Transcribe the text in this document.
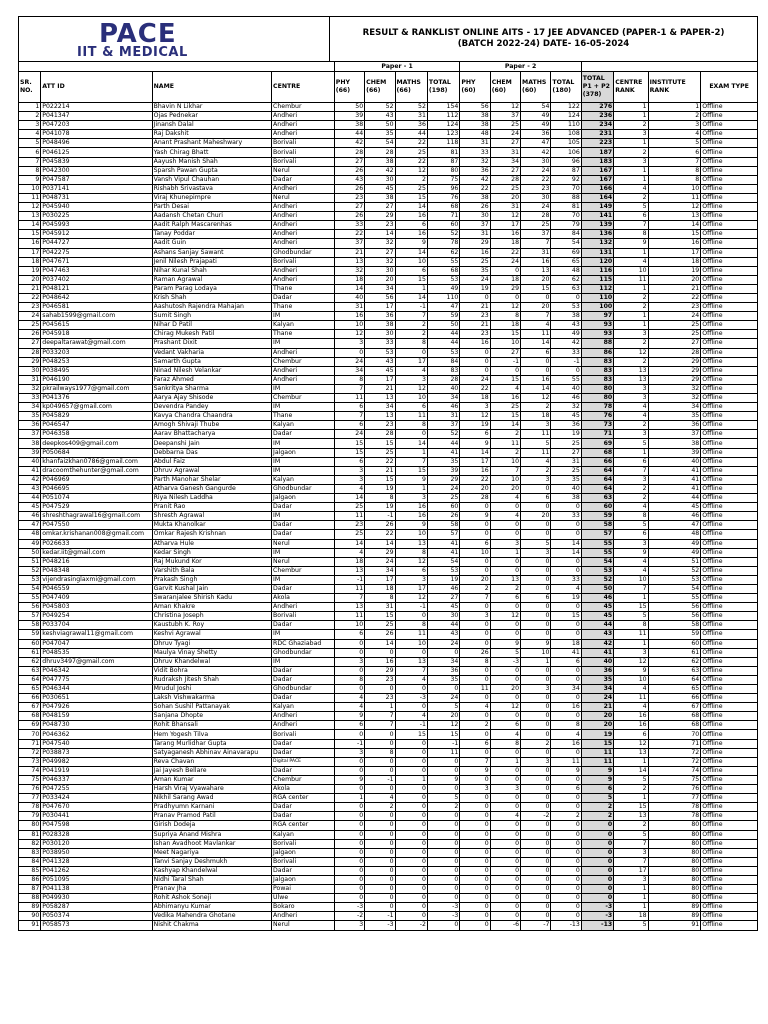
PACE
IIT & MEDICAL
RESULT & RANKLIST ONLINE AITS - 17 JEE ADVANCED (PAPER-1 & PAPER-2)
(BATCH 2022-24) DATE- 16-05-2024
				Paper - 1				Paper - 2							
SR. NO.	ATT ID	NAME	CENTRE	PHY (66)	CHEM (66)	MATHS (66)	TOTAL (198)	PHY (60)	CHEM (60)	MATHS (60)	TOTAL (180)	TOTAL P1 + P2 (378)	CENTRE RANK	INSTITUTE RANK	EXAM TYPE
1	P022214	Bhavin N Likhar	Chembur	50	52	52	154	56	12	54	122	276	1	1	Offline
2	P041347	Ojas Pednekar	Andheri	39	43	31	112	38	37	49	124	236	1	2	Offline
3	P047203	Jinansh Dalal	Andheri	38	50	36	124	38	25	49	110	234	2	3	Offline
4	P041078	Raj Dakshit	Andheri	44	35	44	123	48	24	36	108	231	3	4	Offline
5	P048496	Anant Prashant Maheshwary	Borivali	42	54	22	118	31	27	47	105	223	1	5	Offline
6	P046125	Yash Chirag Bhatt	Borivali	28	28	25	81	33	31	42	106	187	2	6	Offline
7	P045839	Aayush Manish Shah	Borivali	27	38	22	87	32	34	30	96	183	3	7	Offline
8	P042300	Sparsh Pawan Gupta	Nerul	26	42	12	80	36	27	24	87	167	1	8	Offline
9	P047587	Vansh Vipul Chauhan	Dadar	43	30	2	75	42	28	22	92	167	1	8	Offline
10	P037141	Rishabh Srivastava	Andheri	26	45	25	96	22	25	23	70	166	4	10	Offline
11	P048731	Viraj Khunepimpre	Nerul	23	38	15	76	38	20	30	88	164	2	11	Offline
12	P045940	Parth Desai	Andheri	27	27	14	68	26	31	24	81	149	5	12	Offline
13	P030225	Aadansh Chetan Churi	Andheri	26	29	16	71	30	12	28	70	141	6	13	Offline
14	P045993	Aadit Ralph Mascarenhas	Andheri	33	23	6	60	37	17	25	79	139	7	14	Offline
15	P045912	Tanay Poddar	Andheri	22	14	16	52	31	16	37	84	136	8	15	Offline
16	P044727	Aadit Guin	Andheri	37	32	9	78	29	18	7	54	132	9	16	Offline
17	P042275	Ashans Sanjay Sawant	Ghodbundar	21	27	14	62	16	22	31	69	131	1	17	Offline
18	P047671	Jenil Nilesh Prajapati	Borivali	13	32	10	55	25	24	16	65	120	4	18	Offline
19	P047463	Nihar Kunal Shah	Andheri	32	30	6	68	35	0	13	48	116	10	19	Offline
20	P037402	Raman Agrawal	Andheri	18	20	15	53	24	18	20	62	115	11	20	Offline
21	P048121	Param Parag Lodaya	Thane	14	34	1	49	19	29	15	63	112	1	21	Offline
22	P048642	Krish Shah	Dadar	40	56	14	110	0	0	0	0	110	2	22	Offline
23	P046581	Aashutosh Rajendra Mahajan	Thane	31	17	-1	47	21	12	20	53	100	2	23	Offline
24	sahab1599@gmail.com	Sumit Singh	IM	16	36	7	59	23	8	7	38	97	1	24	Offline
25	P045615	Nihar D Patil	Kalyan	10	38	2	50	21	18	4	43	93	1	25	Offline
26	P045918	Chirag Mukesh Patil	Thane	12	30	2	44	23	15	11	49	93	3	25	Offline
27	deepaltarawat@gmail.com	Prashant Dixit	IM	3	33	8	44	16	10	14	42	88	2	27	Offline
28	P033203	Vedant Vakharia	Andheri	0	53	0	53	0	27	6	33	86	12	28	Offline
29	P048253	Samarth Gupta	Chembur	24	43	17	84	0	-1	0	-1	83	2	29	Offline
30	P038495	Ninad Nilesh Velankar	Andheri	34	45	4	83	0	0	0	0	83	13	29	Offline
31	P046190	Faraz Ahmed	Andheri	8	17	3	28	24	15	16	55	83	13	29	Offline
32	pkrailways1977@gmail.com	Sankritya Sharma	IM	7	21	12	40	22	4	14	40	80	3	32	Offline
33	P041376	Aarya Ajay Shisode	Chembur	11	13	10	34	18	16	12	46	80	3	32	Offline
34	kp049657@gmail.com	Devendra Pandey	IM	6	34	6	46	3	25	2	32	78	4	34	Offline
35	P045829	Kavya Chandra Chaandra	Thane	7	13	11	31	12	15	18	45	76	4	35	Offline
36	P046547	Amogh Shivaji Thube	Kalyan	6	23	8	37	19	14	3	36	73	2	36	Offline
37	P046358	Aarav Bhattacharya	Dadar	24	28	0	52	6	2	11	19	71	3	37	Offline
38	deepkos409@gmail.com	Deepanshi Jain	IM	15	15	14	44	9	11	5	25	69	5	38	Offline
39	P050684	Debbarna Das	Jalgaon	15	25	1	41	14	2	11	27	68	1	39	Offline
40	khanfaizkhan0786@gmail.com	Abdul Faiz	IM	6	22	7	35	17	10	4	31	66	6	40	Offline
41	dracoomthehunter@gmail.com	Dhruv Agrawal	IM	3	21	15	39	16	7	2	25	64	7	41	Offline
42	P046969	Parth Manohar Shelar	Kalyan	3	15	9	29	22	10	3	35	64	3	41	Offline
43	P046695	Atharva Ganesh Gangurde	Ghodbundar	4	19	1	24	20	20	0	40	64	2	41	Offline
44	P051074	Riya Nilesh Laddha	Jalgaon	14	8	3	25	28	4	6	38	63	2	44	Offline
45	P047529	Pranit Rao	Dadar	25	19	16	60	0	0	0	0	60	4	45	Offline
46	shreshthagrawal16@gmail.com	Shresth Agrawal	IM	11	-1	16	26	9	4	20	33	59	8	46	Offline
47	P047550	Mukta Khanolkar	Dadar	23	26	9	58	0	0	0	0	58	5	47	Offline
48	omkar.krishanan008@gmail.com	Omkar Rajesh Krishnan	Dadar	25	22	10	57	0	0	0	0	57	6	48	Offline
49	P026633	Atharva Hule	Nerul	14	14	13	41	6	3	5	14	55	3	49	Offline
50	kedar.iit@gmail.com	Kedar Singh	IM	4	29	8	41	10	1	3	14	55	9	49	Offline
51	P048216	Raj Mukund Kor	Nerul	18	24	12	54	0	0	0	0	54	4	51	Offline
52	P048348	Varshith Bala	Chembur	13	34	6	53	0	0	0	0	53	4	52	Offline
53	vijendrasinglaxmi@gmail.com	Prakash Singh	IM	-1	17	3	19	20	13	0	33	52	10	53	Offline
54	P046559	Garvit Kushal Jain	Dadar	11	18	17	46	2	2	0	4	50	7	54	Offline
55	P047409	Swaranjalee Shirish Kadu	Akola	7	8	12	27	7	6	6	19	46	1	55	Offline
56	P045803	Aman Khakre	Andheri	13	31	-1	45	0	0	0	0	45	15	56	Offline
57	P049254	Christina Joseph	Borivali	11	15	0	30	3	12	0	15	45	5	56	Offline
58	P033704	Kaustubh K. Roy	Dadar	10	25	8	44	0	0	0	0	44	8	58	Offline
59	keshviagrawal11@gmail.com	Keshvi Agrawal	IM	6	26	11	43	0	0	0	0	43	11	59	Offline
60	P047047	Dhruv Tyagi	RDC Ghaziabad	0	14	10	24	0	9	9	18	42	1	60	Offline
61	P048535	Maulya Vinay Shetty	Ghodbundar	0	0	0	0	26	5	10	41	41	3	61	Offline
62	dhruv3497@gmail.com	Dhruv Khandelwal	IM	3	16	13	34	8	-3	1	6	40	12	62	Offline
63	P046342	Vidit Bohra	Dadar	0	29	7	36	0	0	0	0	36	9	63	Offline
64	P047775	Rudraksh Jitesh Shah	Dadar	8	23	4	35	0	0	0	0	35	10	64	Offline
65	P046344	Mrudul Joshi	Ghodbundar	0	0	0	0	11	20	3	34	34	4	65	Offline
66	P030651	Laksh Vishwakarma	Dadar	4	23	-3	24	0	0	0	0	24	11	66	Offline
67	P047926	Sohan Sushil Pattanayak	Kalyan	4	1	0	5	4	12	0	16	21	4	67	Offline
68	P048159	Sanjana Dhopte	Andheri	9	7	4	20	0	0	0	0	20	16	68	Offline
69	P048730	Rohit Bhansali	Andheri	6	7	-1	12	2	6	0	8	20	16	68	Offline
70	P046362	Hem Yogesh Tilva	Borivali	0	0	15	15	0	4	0	4	19	6	70	Offline
71	P047540	Tarang Murlidhar Gupta	Dadar	-1	0	0	-1	6	8	2	16	15	12	71	Offline
72	P038873	Satyaganesh Abhinav Ainavarapu	Dadar	3	8	0	11	0	0	0	0	11	13	72	Offline
73	P049982	Reva Chavan	Digital PACE	0	0	0	0	7	1	3	11	11	1	72	Offline
74	P041919	Jai Jayesh Bellare	Dadar	0	0	0	0	9	0	0	9	9	14	74	Offline
75	P046337	Aman Kumar	Chembur	9	-1	1	9	0	0	0	0	9	5	75	Offline
76	P047255	Harsh Viraj Vyawahare	Akola	0	0	0	0	3	3	0	6	6	2	76	Offline
77	P033424	Nikhil Sarang Awad	RGA center	1	4	0	5	0	0	0	0	5	1	77	Offline
78	P047670	Pradhyumn Karnani	Dadar	0	2	0	2	0	0	0	0	2	15	78	Offline
79	P030441	Pranav Pramod Patil	Dadar	0	0	0	0	0	4	-2	2	2	13	78	Offline
80	P047598	Girish Dodeja	RGA center	0	0	0	0	0	0	0	0	0	2	80	Offline
81	P028328	Supriya Anand Mishra	Kalyan	0	0	0	0	0	0	0	0	0	5	80	Offline
82	P030120	Ishan Avadhoot Mavlankar	Borivali	0	0	0	0	0	0	0	0	0	7	80	Offline
83	P038950	Meet Nagariya	Jalgaon	0	0	0	0	0	0	0	0	0	3	80	Offline
84	P041328	Tanvi Sanjay Deshmukh	Borivali	0	0	0	0	0	0	0	0	0	7	80	Offline
85	P041262	Kashyap Khandelwal	Dadar	0	0	0	0	0	0	0	0	0	17	80	Offline
86	P051095	Nidhi Taral Shah	Jalgaon	0	0	0	0	0	0	0	0	0	3	80	Offline
87	P041138	Pranav Jha	Powai	0	0	0	0	0	0	0	0	0	1	80	Offline
88	P049930	Rohit Ashok Soneji	Ulwe	0	0	0	0	0	0	0	0	0	1	80	Offline
89	P058287	Abhimanyu Kumar	Bokaro	-3	0	0	-3	0	0	0	0	-3	1	89	Offline
90	P050374	Vedika Mahendra Ghotane	Andheri	-2	-1	0	-3	0	0	0	0	-3	18	89	Offline
91	P058573	Nishit Chakma	Nerul	3	-3	-2	0	0	-6	-7	-13	-13	5	91	Offline
